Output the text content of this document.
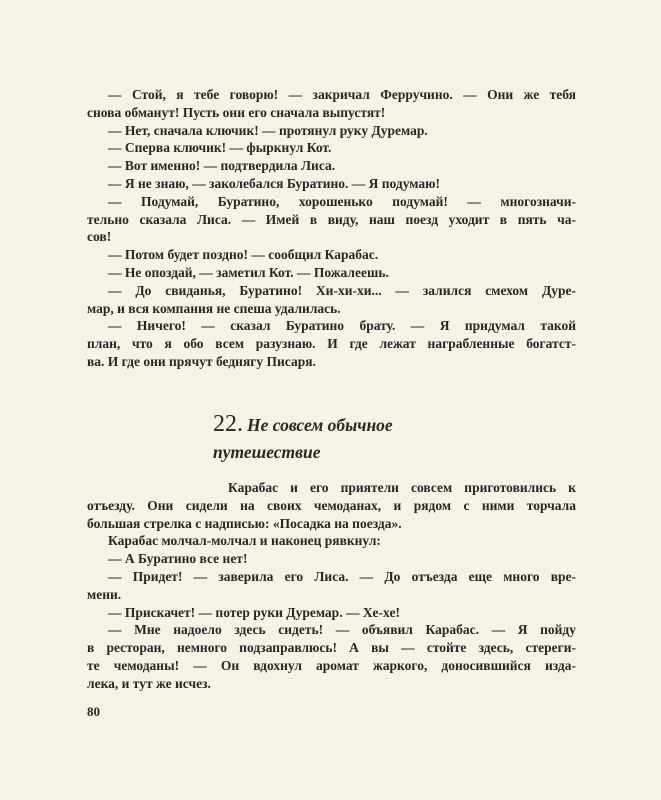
— Стой, я тебе говорю! — закричал Ферручино. — Они же тебя
снова обманут! Пусть они его сначала выпустят!
— Нет, сначала ключик! — протянул руку Дуремар.
— Сперва ключик! — фыркнул Кот.
— Вот именно! — подтвердила Лиса.
— Я не знаю, — заколебался Буратино. — Я подумаю!
— Подумай, Буратино, хорошенько подумай! — многозначи-
тельно сказала Лиса. — Имей в виду, наш поезд уходит в пять ча-
сов!
— Потом будет поздно! — сообщил Карабас.
— Не опоздай, — заметил Кот. — Пожалеешь.
— До свиданья, Буратино! Хи-хи-хи... — залился смехом Дуре-
мар, и вся компания не спеша удалилась.
— Ничего! — сказал Буратино брату. — Я придумал такой
план, что я обо всем разузнаю. И где лежат награбленные богатст-
ва. И где они прячут беднягу Писаря.
22. Не совсем обычное
путешествие
Карабас и его приятели совсем приготовились к
отъезду. Они сидели на своих чемоданах, и рядом с ними торчала
большая стрелка с надписью: «Посадка на поезда».
Карабас молчал-молчал и наконец рявкнул:
— А Буратино все нет!
— Придет! — заверила его Лиса. — До отъезда еще много вре-
мени.
— Прискачет! — потер руки Дуремар. — Хе-хе!
— Мне надоело здесь сидеть! — объявил Карабас. — Я пойду
в ресторан, немного подзаправлюсь! А вы — стойте здесь, стереги-
те чемоданы! — Он вдохнул аромат жаркого, доносившийся изда-
лека, и тут же исчез.
80
